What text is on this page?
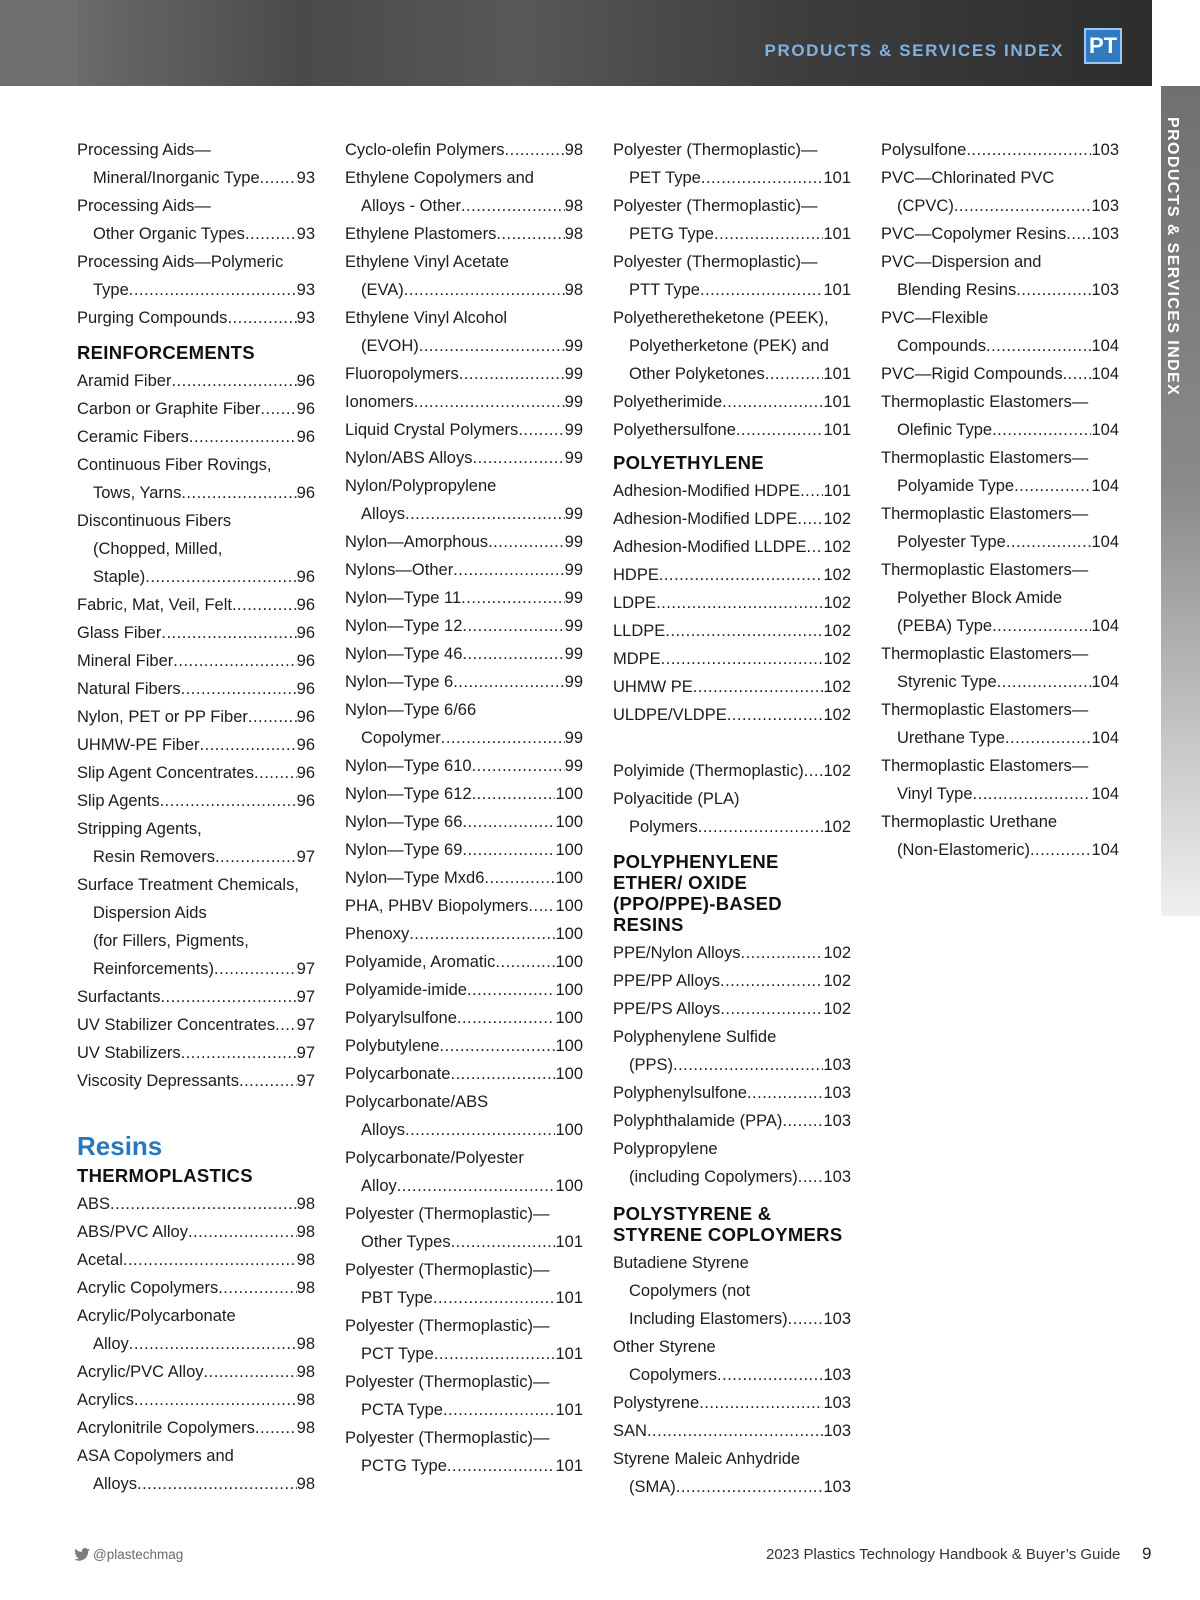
PRODUCTS & SERVICES INDEX PT
PRODUCTS & SERVICES INDEX
Processing Aids—
Mineral/Inorganic Type ..... 93
Processing Aids—
Other Organic Types .....	93
Processing Aids—Polymeric
Type .....	93
Purging Compounds .....	93
REINFORCEMENTS
Aramid Fiber .....	96
Carbon or Graphite Fiber ..... 96
Ceramic Fibers .....	96
Continuous Fiber Rovings,
Tows, Yarns .....	96
Discontinuous Fibers
(Chopped, Milled,
Staple) .....	96
Fabric, Mat, Veil, Felt .....	96
Glass Fiber .....	96
Mineral Fiber .....	96
Natural Fibers .....	96
Nylon, PET or PP Fiber .....	96
UHMW-PE Fiber .....	96
Slip Agent Concentrates .....	96
Slip Agents .....	96
Stripping Agents,
Resin Removers .....	97
Surface Treatment Chemicals,
Dispersion Aids
(for Fillers, Pigments,
Reinforcements) .....	97
Surfactants .....	97
UV Stabilizer Concentrates ..... 97
UV Stabilizers .....	97
Viscosity Depressants .....	97
Resins
THERMOPLASTICS
ABS .....	98
ABS/PVC Alloy .....	98
Acetal .....	98
Acrylic Copolymers .....	98
Acrylic/Polycarbonate
Alloy .....	98
Acrylic/PVC Alloy .....	98
Acrylics .....	98
Acrylonitrile Copolymers .....	98
ASA Copolymers and
Alloys .....	98
Cyclo-olefin Polymers .....	98
Ethylene Copolymers and
Alloys - Other .....	98
Ethylene Plastomers .....	98
Ethylene Vinyl Acetate
(EVA) .....	98
Ethylene Vinyl Alcohol
(EVOH) .....	99
Fluoropolymers .....	99
Ionomers .....	99
Liquid Crystal Polymers .....	99
Nylon/ABS Alloys .....	99
Nylon/Polypropylene
Alloys .....	99
Nylon—Amorphous .....	99
Nylons—Other .....	99
Nylon—Type 11 .....	99
Nylon—Type 12 .....	99
Nylon—Type 46 .....	99
Nylon—Type 6 .....	99
Nylon—Type 6/66
Copolymer .....	99
Nylon—Type 610 .....	99
Nylon—Type 612 .....	100
Nylon—Type 66 .....	100
Nylon—Type 69 .....	100
Nylon—Type Mxd6 .....	100
PHA, PHBV Biopolymers ..... 100
Phenoxy .....	100
Polyamide, Aromatic .....	100
Polyamide-imide .....	100
Polyarylsulfone .....	100
Polybutylene .....	100
Polycarbonate .....	100
Polycarbonate/ABS
Alloys .....	100
Polycarbonate/Polyester
Alloy .....	100
Polyester (Thermoplastic)—
Other Types .....	101
Polyester (Thermoplastic)—
PBT Type .....	101
Polyester (Thermoplastic)—
PCT Type .....	101
Polyester (Thermoplastic)—
PCTA Type .....	101
Polyester (Thermoplastic)—
PCTG Type .....	101
Polyester (Thermoplastic)—
PET Type .....	101
Polyester (Thermoplastic)—
PETG Type .....	101
Polyester (Thermoplastic)—
PTT Type .....	101
Polyetheretheketone (PEEK),
Polyetherketone (PEK) and
Other Polyketones .....	101
Polyetherimide .....	101
Polyethersulfone .....	101
POLYETHYLENE
Adhesion-Modified HDPE ..... 101
Adhesion-Modified LDPE ..... 102
Adhesion-Modified LLDPE ..... 102
HDPE .....	102
LDPE .....	102
LLDPE .....	102
MDPE .....	102
UHMW PE .....	102
ULDPE/VLDPE .....	102
Polyimide (Thermoplastic) ..... 102
Polyacitide (PLA)
Polymers .....	102
POLYPHENYLENE ETHER/ OXIDE (PPO/PPE)-BASED RESINS
PPE/Nylon Alloys .....	102
PPE/PP Alloys .....	102
PPE/PS Alloys .....	102
Polyphenylene Sulfide
(PPS) .....	103
Polyphenylsulfone .....	103
Polyphthalamide (PPA) ..... 103
Polypropylene
(including Copolymers) ..... 103
POLYSTYRENE & STYRENE COPLOYMERS
Butadiene Styrene
Copolymers (not
Including Elastomers) ..... 103
Other Styrene
Copolymers .....	103
Polystyrene .....	103
SAN .....	103
Styrene Maleic Anhydride
(SMA) .....	103
Polysulfone .....	103
PVC—Chlorinated PVC
(CPVC) .....	103
PVC—Copolymer Resins ..... 103
PVC—Dispersion and
Blending Resins .....	103
PVC—Flexible
Compounds .....	104
PVC—Rigid Compounds ..... 104
Thermoplastic Elastomers—
Olefinic Type .....	104
Thermoplastic Elastomers—
Polyamide Type .....	104
Thermoplastic Elastomers—
Polyester Type .....	104
Thermoplastic Elastomers—
Polyether Block Amide
(PEBA) Type .....	104
Thermoplastic Elastomers—
Styrenic Type .....	104
Thermoplastic Elastomers—
Urethane Type .....	104
Thermoplastic Elastomers—
Vinyl Type .....	104
Thermoplastic Urethane
(Non-Elastomeric) .....	104
@plastechmag	2023 Plastics Technology Handbook & Buyer’s Guide 9
